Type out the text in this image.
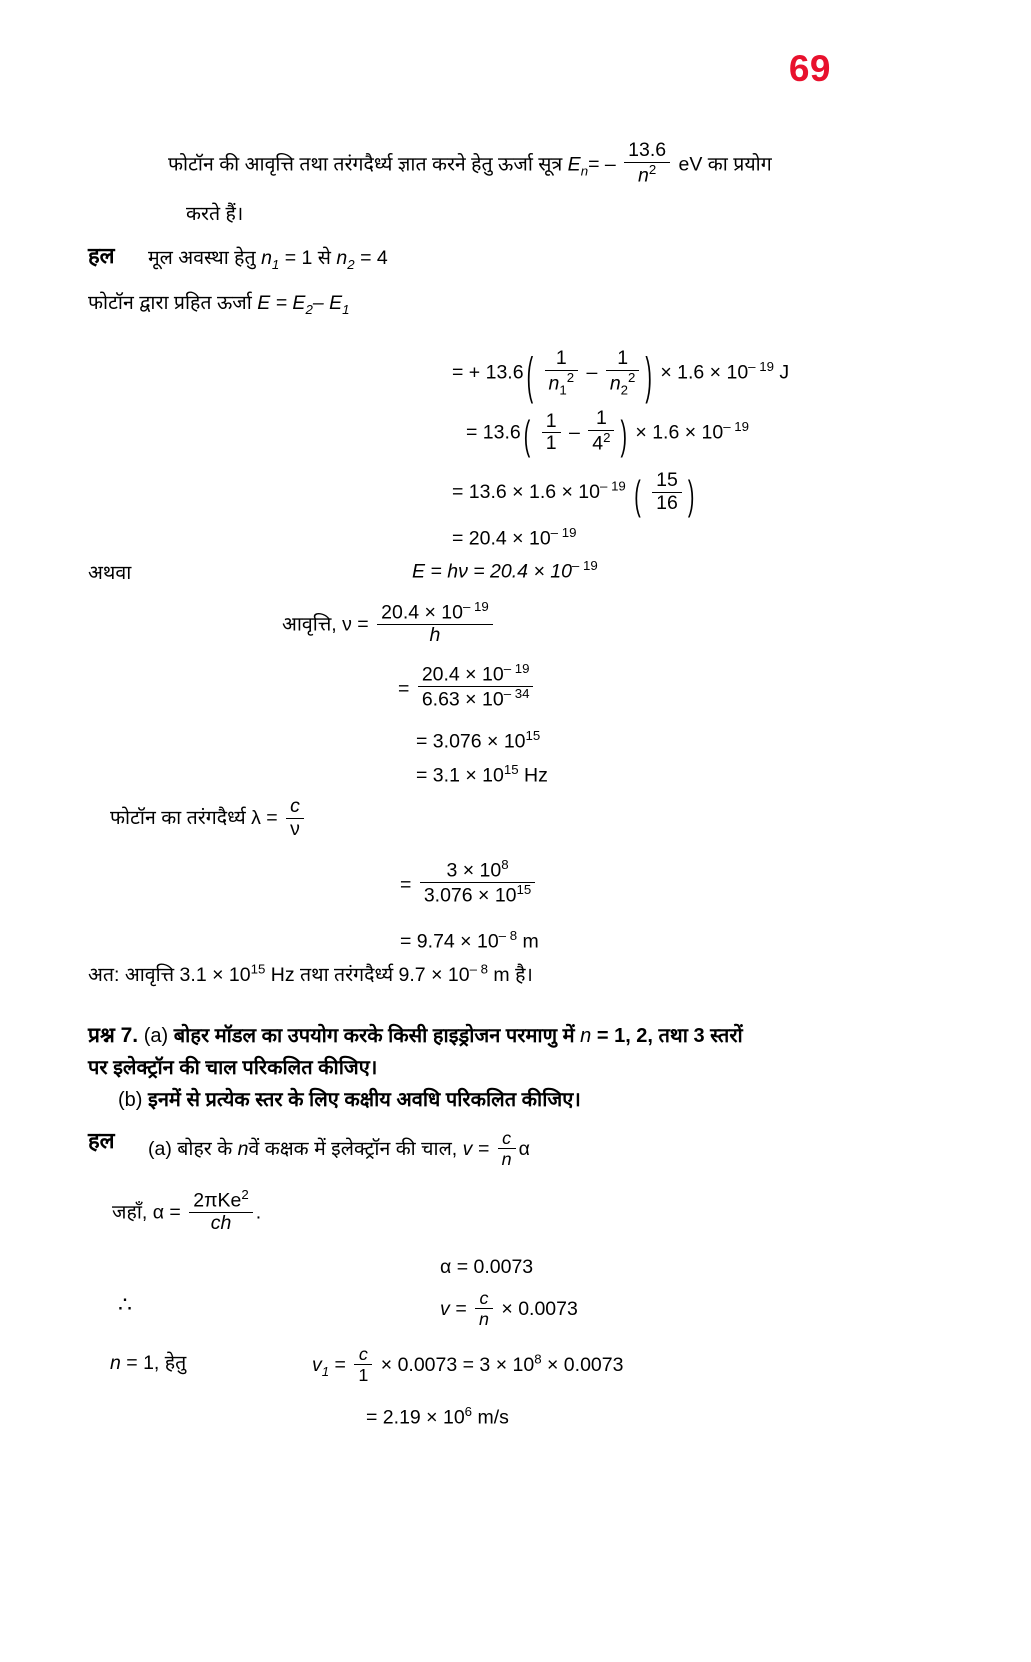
69
फोटॉन की आवृत्ति तथा तरंगदैर्ध्य ज्ञात करने हेतु ऊर्जा सूत्र $E_n= - \frac{13.6}{n^2}$ eV का प्रयोग
करते हैं।
हल मूल अवस्था हेतु $n_1 = 1$ से $n_2 = 4$
फोटॉन द्वारा प्रहित ऊर्जा $E = E_2-$ $E_1$
= + 13.6 ( $\frac{1}{n_1^2} - \frac{1}{n_2^2}$ ) × $1.6 \times 10^{- 19}$ J
= 13.6 ( $\frac{1}{1} - \frac{1}{4^2}$ ) × $1.6 \times 10^{- 19}$
= $13.6 \times 1.6 \times 10^{- 19}$ ( $\frac{15}{16}$ )
= $20.4 \times 10^{- 19}$
अथवा	$E = h\nu = 20.4 \times 10^{- 19}$
आवृत्ति, $\nu = \frac{20.4 \times 10^{- 19}}{h}$
= $\frac{20.4 \times 10^{- 19}}{6.63 \times 10^{- 34}}$
= $3.076 \times 10^{15}$
= $3.1 \times 10^{15}$ Hz
फोटॉन का तरंगदैर्ध्य $\lambda = \frac{c}{\nu}$
= $\frac{3 \times 10^8}{3.076 \times 10^{15}}$
= $9.74 \times 10^{- 8}$ m
अत: आवृत्ति $3.1 \times 10^{15}$ Hz तथा तरंगदैर्ध्य $9.7 \times 10^{- 8}$ m है।
प्रश्न 7. (a) बोहर मॉडल का उपयोग करके किसी हाइड्रोजन परमाणु में n = 1, 2, तथा 3 स्तरों
पर इलेक्ट्रॉन की चाल परिकलित कीजिए।
(b) इनमें से प्रत्येक स्तर के लिए कक्षीय अवधि परिकलित कीजिए।
हल (a) बोहर के nवें कक्षक में इलेक्ट्रॉन की चाल, $v = \frac{c}{n}$ α
जहाँ, $\alpha = \frac{2\pi Ke^2}{ch}$ .
α = 0.0073
∴	$v = \frac{c}{n} \times 0.0073$
n = 1, हेतु	$v_1 = \frac{c}{1} \times 0.0073 = 3 \times 10^8 \times 0.0073$
= $2.19 \times 10^6$ m/s
